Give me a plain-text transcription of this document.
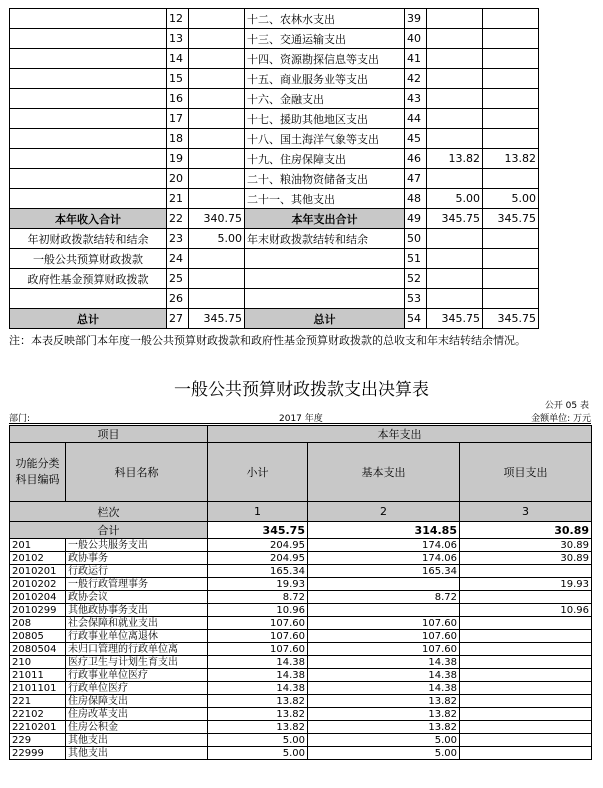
	12		十二、农林水支出	39		
	13		十三、交通运输支出	40		
	14		十四、资源勘探信息等支出	41		
	15		十五、商业服务业等支出	42		
	16		十六、金融支出	43		
	17		十七、援助其他地区支出	44		
	18		十八、国土海洋气象等支出	45		
	19		十九、住房保障支出	46	13.82	13.82
	20		二十、粮油物资储备支出	47		
	21		二十一、其他支出	48	5.00	5.00
本年收入合计	22	340.75	本年支出合计	49	345.75	345.75
年初财政拨款结转和结余	23	5.00	年末财政拨款结转和结余	50		
一般公共预算财政拨款	24			51		
政府性基金预算财政拨款	25			52		
	26			53		
总计	27	345.75	总计	54	345.75	345.75
注：本表反映部门本年度一般公共预算财政拨款和政府性基金预算财政拨款的总收支和年末结转结余情况。
一般公共预算财政拨款支出决算表
公开 05 表
部门:	2017 年度	金额单位: 万元
项目		本年支出		
功能分类科目编码	科目名称	小计	基本支出	项目支出
栏次		1	2	3
合计		345.75	314.85	30.89
201	一般公共服务支出	204.95	174.06	30.89
20102	政协事务	204.95	174.06	30.89
2010201	行政运行	165.34	165.34	
2010202	一般行政管理事务	19.93		19.93
2010204	政协会议	8.72	8.72	
2010299	其他政协事务支出	10.96		10.96
208	社会保障和就业支出	107.60	107.60	
20805	行政事业单位离退休	107.60	107.60	
2080504	未归口管理的行政单位离	107.60	107.60	
210	医疗卫生与计划生育支出	14.38	14.38	
21011	行政事业单位医疗	14.38	14.38	
2101101	行政单位医疗	14.38	14.38	
221	住房保障支出	13.82	13.82	
22102	住房改革支出	13.82	13.82	
2210201	住房公积金	13.82	13.82	
229	其他支出	5.00	5.00	
22999	其他支出	5.00	5.00	
